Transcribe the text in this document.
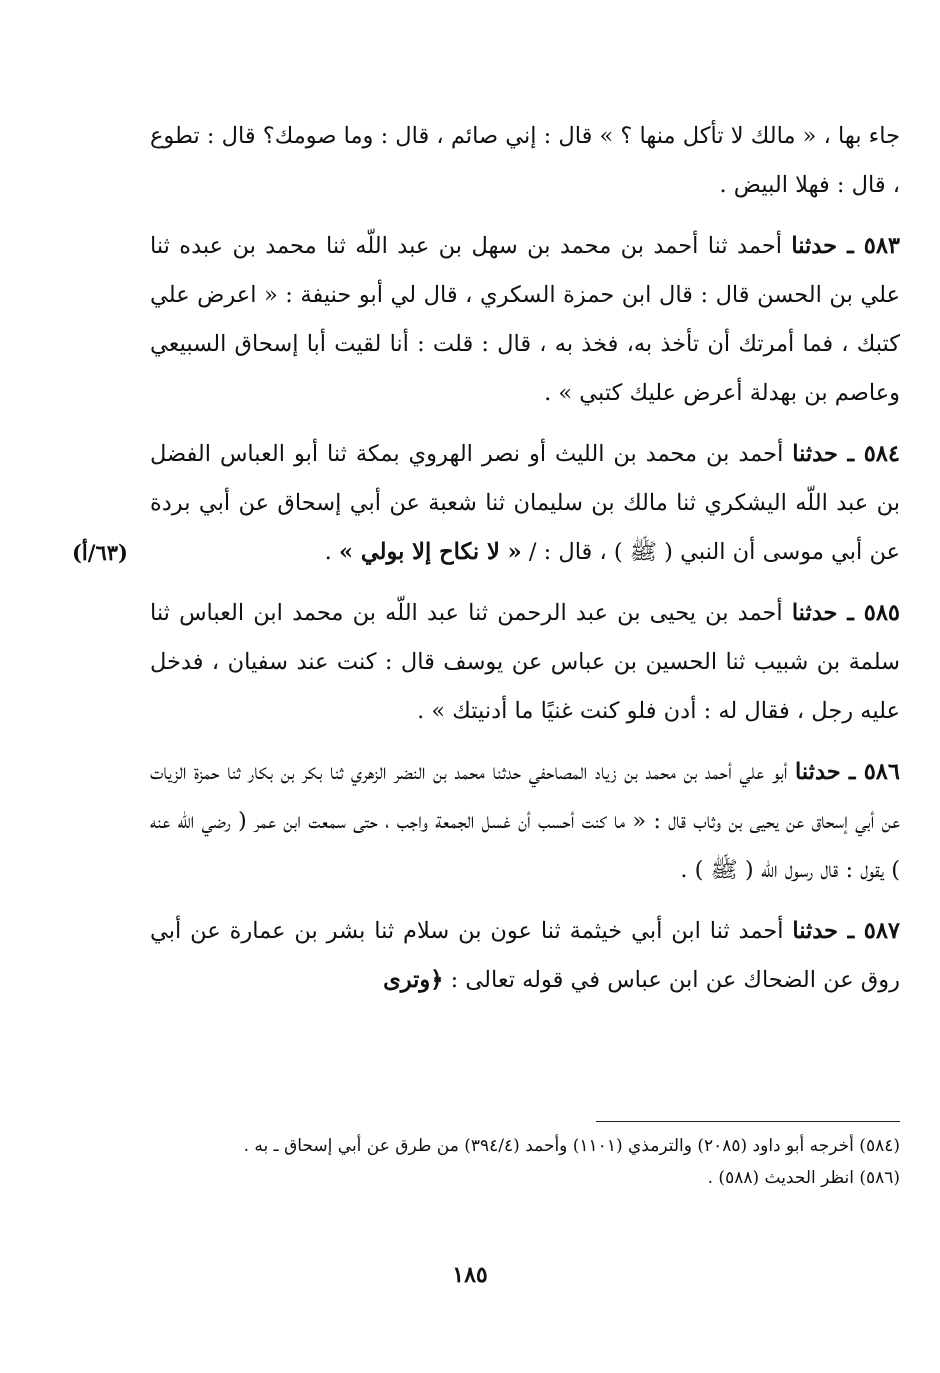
جاء بها ، « مالك لا تأكل منها ؟ » قال : إني صائم ، قال : وما صومك؟ قال : تطوع ، قال : فهلا البيض .

٥٨٣ ـ حدثنا أحمد ثنا أحمد بن محمد بن سهل بن عبد اللّه ثنا محمد بن عبده ثنا علي بن الحسن قال : قال ابن حمزة السكري ، قال لي أبو حنيفة : « اعرض علي كتبك ، فما أمرتك أن تأخذ به، فخذ به ، قال : قلت : أنا لقيت أبا إسحاق السبيعي وعاصم بن بهدلة أعرض عليك كتبي » .

٥٨٤ ـ حدثنا أحمد بن محمد بن الليث أو نصر الهروي بمكة ثنا أبو العباس الفضل بن عبد اللّه اليشكري ثنا مالك بن سليمان ثنا شعبة عن أبي إسحاق عن أبي بردة عن أبي موسى أن النبي ( ﷺ ) ، قال : / « لا نكاح إلا بولي » .

٥٨٥ ـ حدثنا أحمد بن يحيى بن عبد الرحمن ثنا عبد اللّه بن محمد ابن العباس ثنا سلمة بن شبيب ثنا الحسين بن عباس عن يوسف قال : كنت عند سفيان ، فدخل عليه رجل ، فقال له : أدن فلو كنت غنيًا ما أدنيتك » .

٥٨٦ ـ حدثنا أبو علي أحمد بن محمد بن زياد المصاحفي حدثنا محمد بن النضر الزهري ثنا بكر بن بكار ثنا حمزة الزيات عن أبي إسحاق عن يحيى بن وثاب قال : « ما كنت أحسب أن غسل الجمعة واجب ، حتى سمعت ابن عمر ( رضي اللّه عنه ) يقول : قال رسول اللّه ( ﷺ ) .

٥٨٧ ـ حدثنا أحمد ثنا ابن أبي خيثمة ثنا عون بن سلام ثنا بشر بن عمارة عن أبي روق عن الضحاك عن ابن عباس في قوله تعالى : ﴿وترى

(٦٣/أ)

(٥٨٤) أخرجه أبو داود (٢٠٨٥) والترمذي (١١٠١) وأحمد (٣٩٤/٤) من طرق عن أبي إسحاق ـ به .

(٥٨٦) انظر الحديث (٥٨٨) .

١٨٥
